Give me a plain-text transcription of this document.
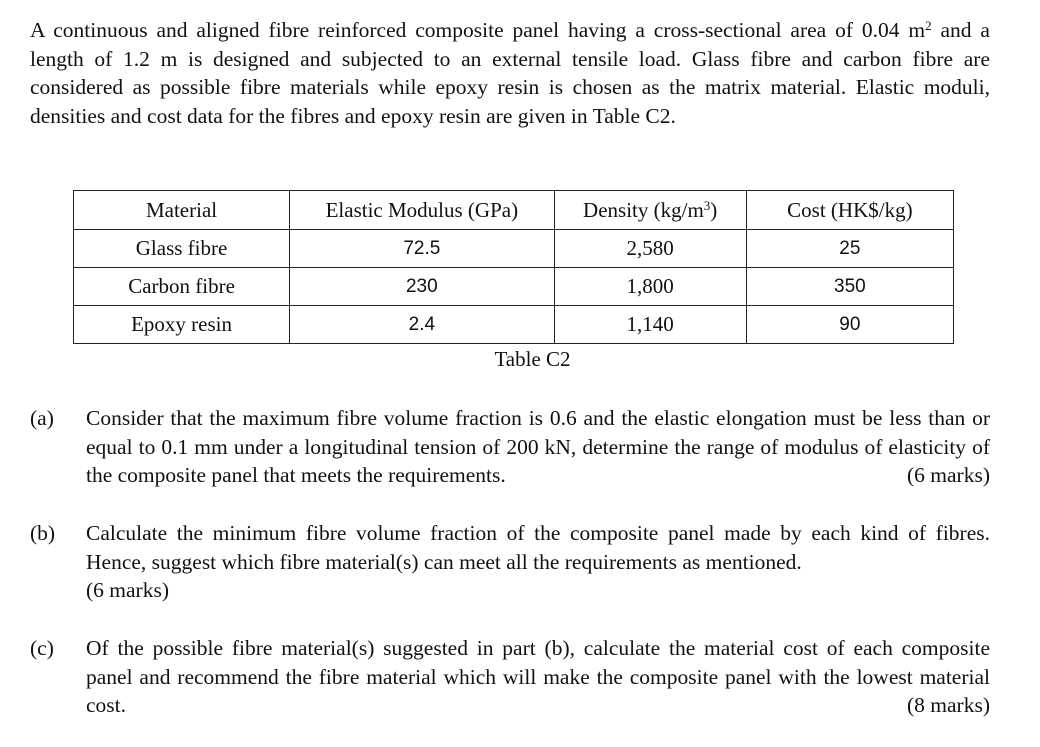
A continuous and aligned fibre reinforced composite panel having a cross-sectional area of 0.04 $m^2$ and a length of 1.2 m is designed and subjected to an external tensile load. Glass fibre and carbon fibre are considered as possible fibre materials while epoxy resin is chosen as the matrix material. Elastic moduli, densities and cost data for the fibres and epoxy resin are given in Table C2.
Material	Elastic Modulus (GPa)	Density $(kg/m^3)$	Cost (HK$/kg)
Glass fibre	72.5	2,580	25
Carbon fibre	230	1,800	350
Epoxy resin	2.4	1,140	90
Table C2
(a) Consider that the maximum fibre volume fraction is 0.6 and the elastic elongation must be less than or equal to 0.1 mm under a longitudinal tension of 200 kN, determine the range of modulus of elasticity of the composite panel that meets the requirements.	(6 marks)
(b) Calculate the minimum fibre volume fraction of the composite panel made by each kind of fibres. Hence, suggest which fibre material(s) can meet all the requirements as mentioned.
(6 marks)
(c) Of the possible fibre material(s) suggested in part (b), calculate the material cost of each composite panel and recommend the fibre material which will make the composite panel with the lowest material cost.	(8 marks)
